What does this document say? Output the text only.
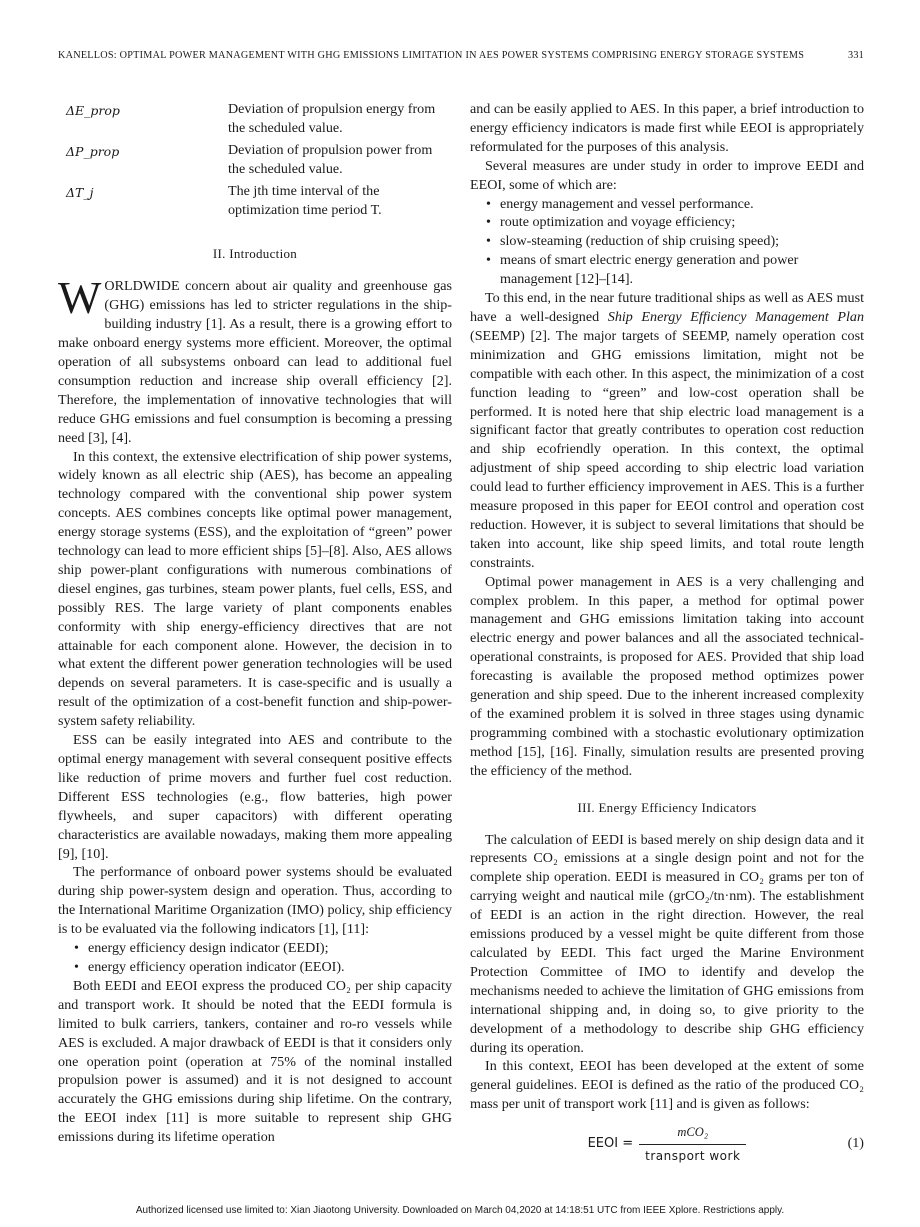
KANELLOS: OPTIMAL POWER MANAGEMENT WITH GHG EMISSIONS LIMITATION IN AES POWER SYSTEMS COMPRISING ENERGY STORAGE SYSTEMS	331
ΔE_prop	Deviation of propulsion energy from the scheduled value.
ΔP_prop	Deviation of propulsion power from the scheduled value.
ΔT_j	The jth time interval of the optimization time period T.
II. Introduction

WORLDWIDE concern about air quality and greenhouse gas (GHG) emissions has led to stricter regulations in the ship-building industry [1]. As a result, there is a growing effort to make onboard energy systems more efficient. Moreover, the optimal operation of all subsystems onboard can lead to additional fuel consumption reduction and increase ship overall efficiency [2]. Therefore, the implementation of innovative technologies that will reduce GHG emissions and fuel consumption is becoming a pressing need [3], [4].

In this context, the extensive electrification of ship power systems, widely known as all electric ship (AES), has become an appealing technology compared with the conventional ship power system concepts. AES combines concepts like optimal power management, energy storage systems (ESS), and the exploitation of “green” power technology can lead to more efficient ships [5]–[8]. Also, AES allows ship power-plant configurations with numerous combinations of diesel engines, gas turbines, steam power plants, fuel cells, ESS, and possibly RES. The large variety of plant components enables conformity with ship energy-efficiency directives that are not attainable for each component alone. However, the decision in to what extent the different power generation technologies will be used depends on several parameters. It is case-specific and is usually a result of the optimization of a cost-benefit function and ship-power-system safety reliability.

ESS can be easily integrated into AES and contribute to the optimal energy management with several consequent positive effects like reduction of prime movers and further fuel cost reduction. Different ESS technologies (e.g., flow batteries, high power flywheels, and super capacitors) with different operating characteristics are available nowadays, making them more appealing [9], [10].

The performance of onboard power systems should be evaluated during ship power-system design and operation. Thus, according to the International Maritime Organization (IMO) policy, ship efficiency is to be evaluated via the following indicators [1], [11]:

• energy efficiency design indicator (EEDI);
• energy efficiency operation indicator (EEOI).

Both EEDI and EEOI express the produced CO₂ per ship capacity and transport work. It should be noted that the EEDI formula is limited to bulk carriers, tankers, container and ro-ro vessels while AES is excluded. A major drawback of EEDI is that it considers only one operation point (operation at 75% of the nominal installed propulsion power is assumed) and it is not designed to account accurately the GHG emissions during ship lifetime. On the contrary, the EEOI index [11] is more suitable to represent ship GHG emissions during its lifetime operation

and can be easily applied to AES. In this paper, a brief introduction to energy efficiency indicators is made first while EEOI is appropriately reformulated for the purposes of this analysis.

Several measures are under study in order to improve EEDI and EEOI, some of which are:

• energy management and vessel performance.
• route optimization and voyage efficiency;
• slow-steaming (reduction of ship cruising speed);
• means of smart electric energy generation and power management [12]–[14].

To this end, in the near future traditional ships as well as AES must have a well-designed Ship Energy Efficiency Management Plan (SEEMP) [2]. The major targets of SEEMP, namely operation cost minimization and GHG emissions limitation, might not be compatible with each other. In this aspect, the minimization of a cost function leading to “green” and low-cost operation shall be performed. It is noted here that ship electric load management is a significant factor that greatly contributes to operation cost reduction and ship ecofriendly operation. In this context, the optimal adjustment of ship speed according to ship electric load variation could lead to further efficiency improvement in AES. This is a further measure proposed in this paper for EEOI control and operation cost reduction. However, it is subject to several limitations that should be taken into account, like ship speed limits, and total route length constraints.

Optimal power management in AES is a very challenging and complex problem. In this paper, a method for optimal power management and GHG emissions limitation taking into account electric energy and power balances and all the associated technical-operational constraints, is proposed for AES. Provided that ship load forecasting is available the proposed method optimizes power generation and ship speed. Due to the inherent increased complexity of the examined problem it is solved in three stages using dynamic programming combined with a stochastic evolutionary optimization method [15], [16]. Finally, simulation results are presented proving the efficiency of the method.

III. Energy Efficiency Indicators

The calculation of EEDI is based merely on ship design data and it represents CO₂ emissions at a single design point and not for the complete ship operation. EEDI is measured in CO₂ grams per ton of carrying weight and nautical mile (grCO₂/tn·nm). The establishment of EEDI is an action in the right direction. However, the real emissions produced by a vessel might be quite different from those calculated by EEDI. This fact urged the Marine Environment Protection Committee of IMO to identify and develop the mechanisms needed to achieve the limitation of GHG emissions from international shipping and, in doing so, to give priority to the development of a methodology to describe ship GHG efficiency during its operation.

In this context, EEOI has been developed at the extent of some general guidelines. EEOI is defined as the ratio of the produced CO₂ mass per unit of transport work [11] and is given as follows:

EEOI = $\frac{\text{mCO₂}}{\text{transport work}}$	(1)
Authorized licensed use limited to: Xian Jiaotong University. Downloaded on March 04,2020 at 14:18:51 UTC from IEEE Xplore. Restrictions apply.
